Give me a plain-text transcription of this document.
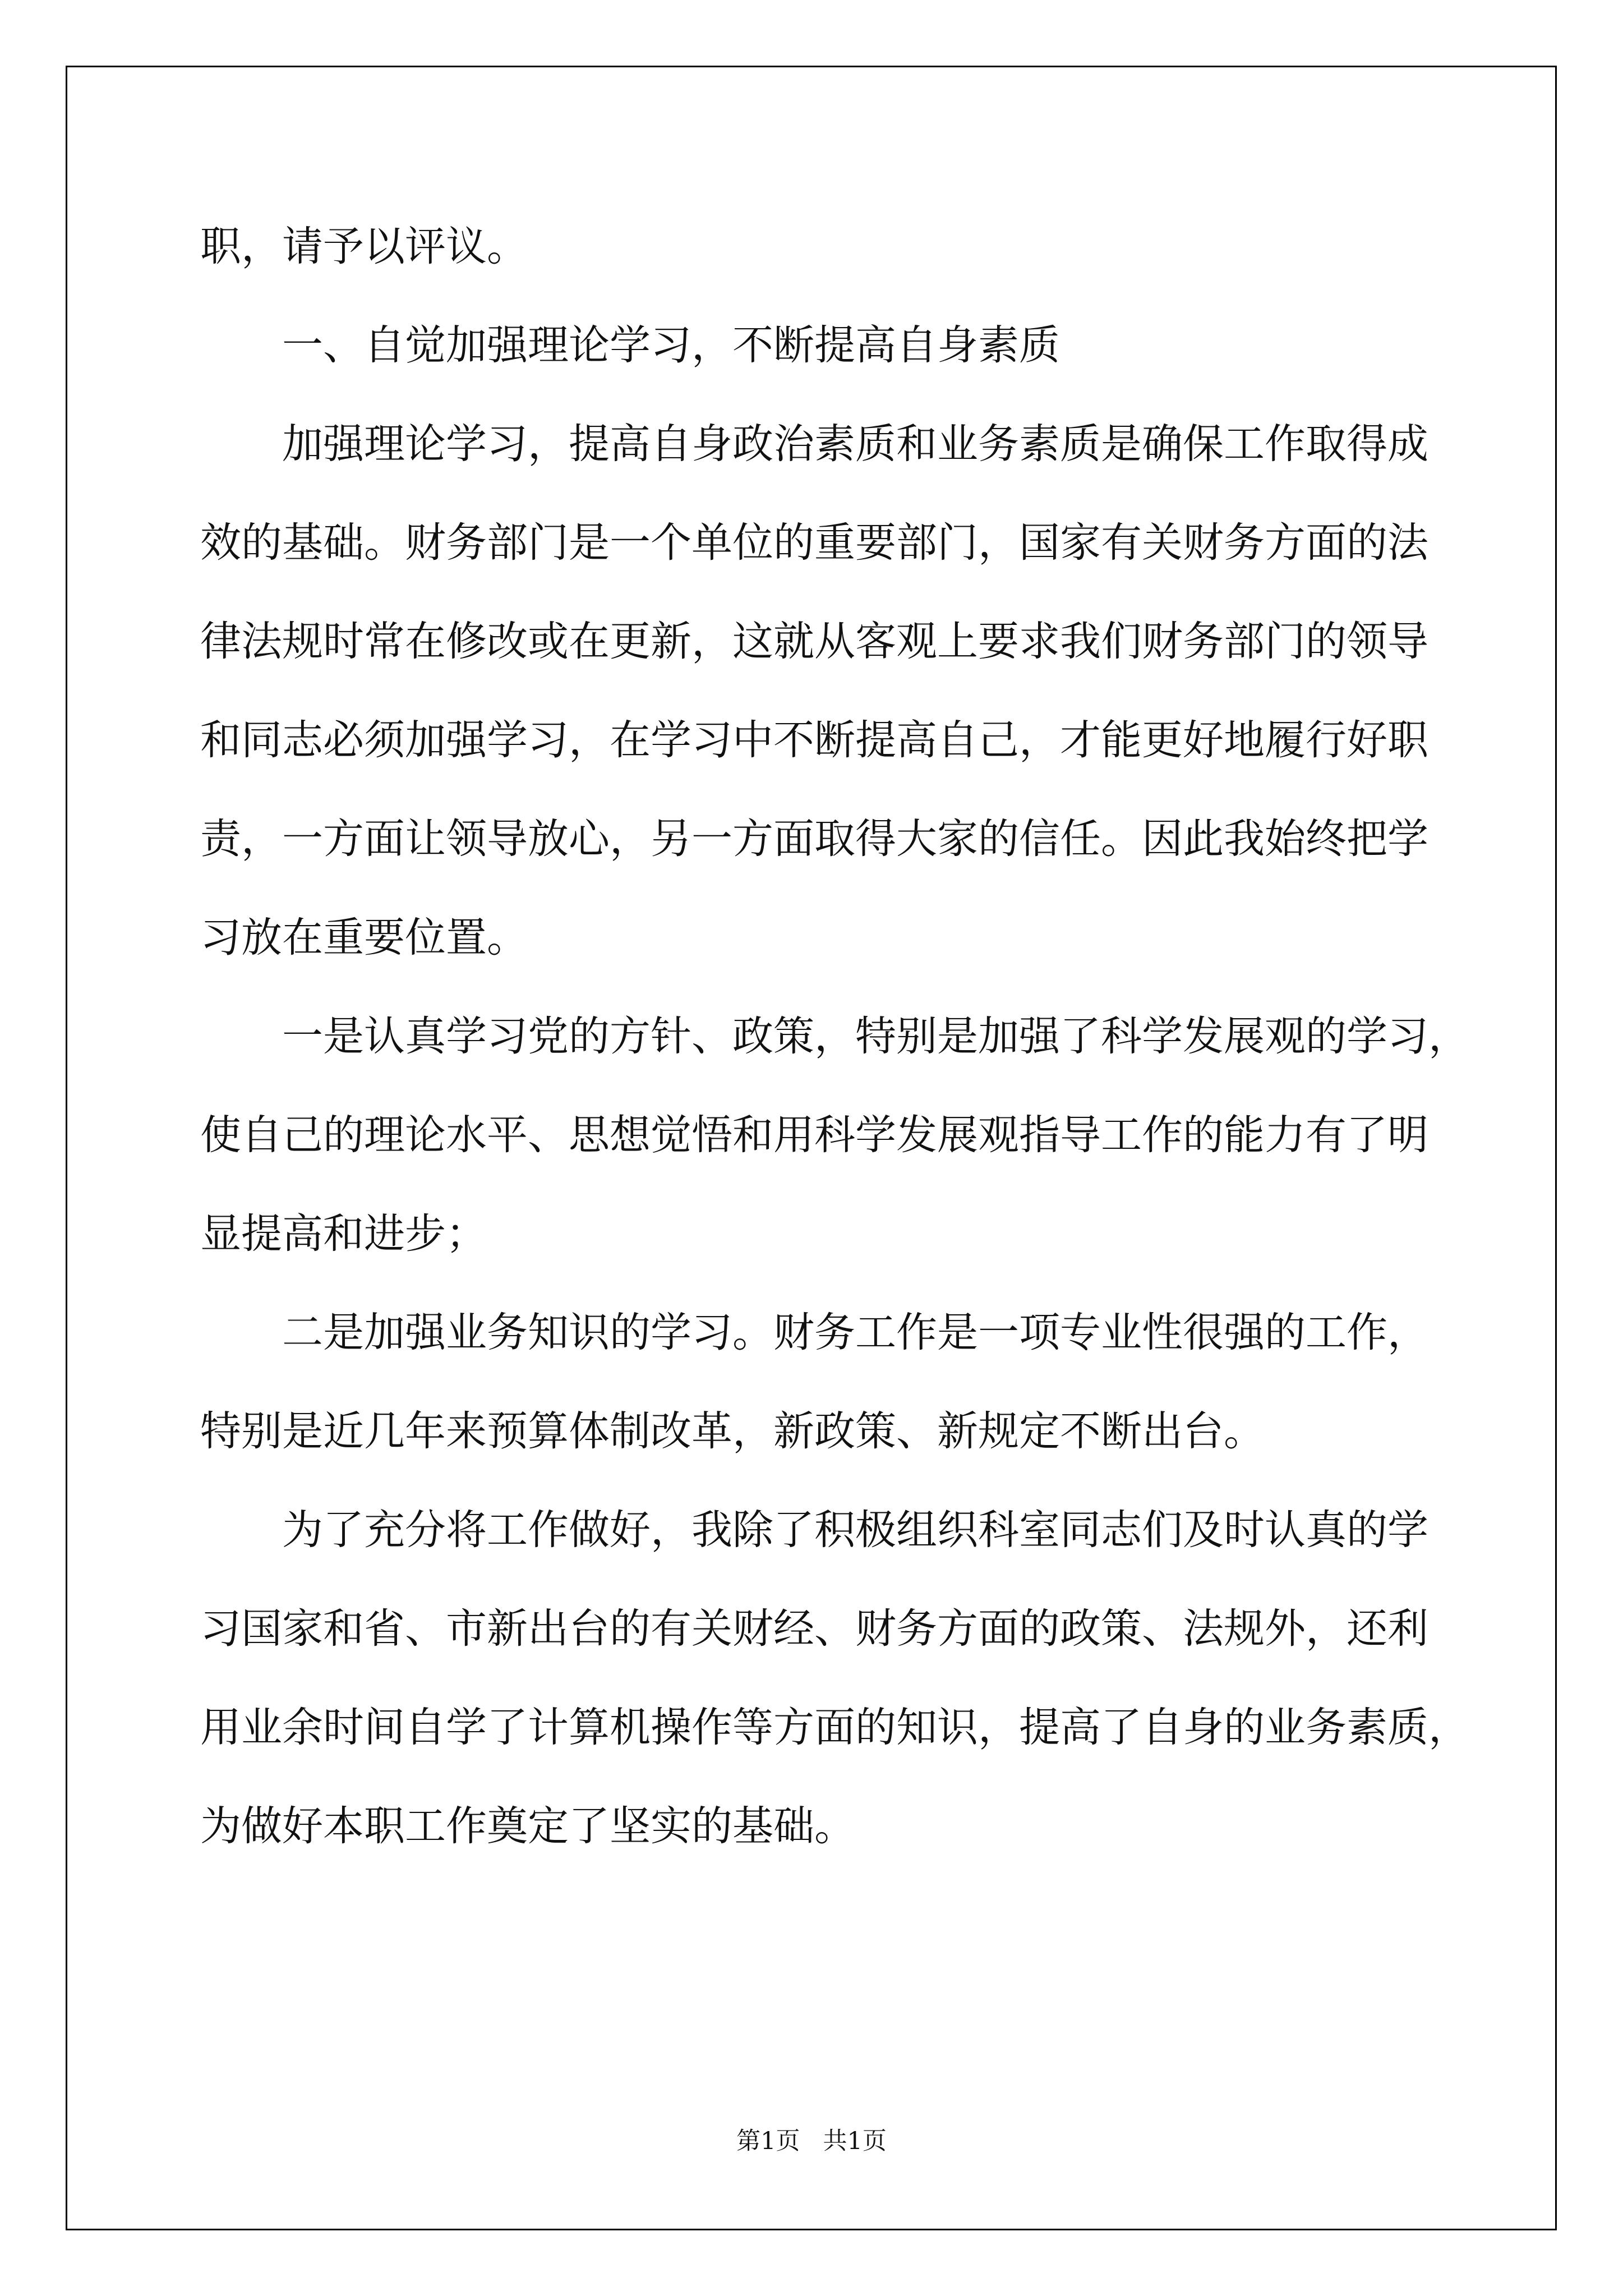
职，请予以评议。
一、自觉加强理论学习，不断提高自身素质
加强理论学习，提高自身政治素质和业务素质是确保工作取得成
效的基础。财务部门是一个单位的重要部门，国家有关财务方面的法
律法规时常在修改或在更新，这就从客观上要求我们财务部门的领导
和同志必须加强学习，在学习中不断提高自己，才能更好地履行好职
责，一方面让领导放心，另一方面取得大家的信任。因此我始终把学
习放在重要位置。
一是认真学习党的方针、政策，特别是加强了科学发展观的学习，
使自己的理论水平、思想觉悟和用科学发展观指导工作的能力有了明
显提高和进步；
二是加强业务知识的学习。财务工作是一项专业性很强的工作，
特别是近几年来预算体制改革，新政策、新规定不断出台。
为了充分将工作做好，我除了积极组织科室同志们及时认真的学
习国家和省、市新出台的有关财经、财务方面的政策、法规外，还利
用业余时间自学了计算机操作等方面的知识，提高了自身的业务素质，
为做好本职工作奠定了坚实的基础。
第1页   共1页
